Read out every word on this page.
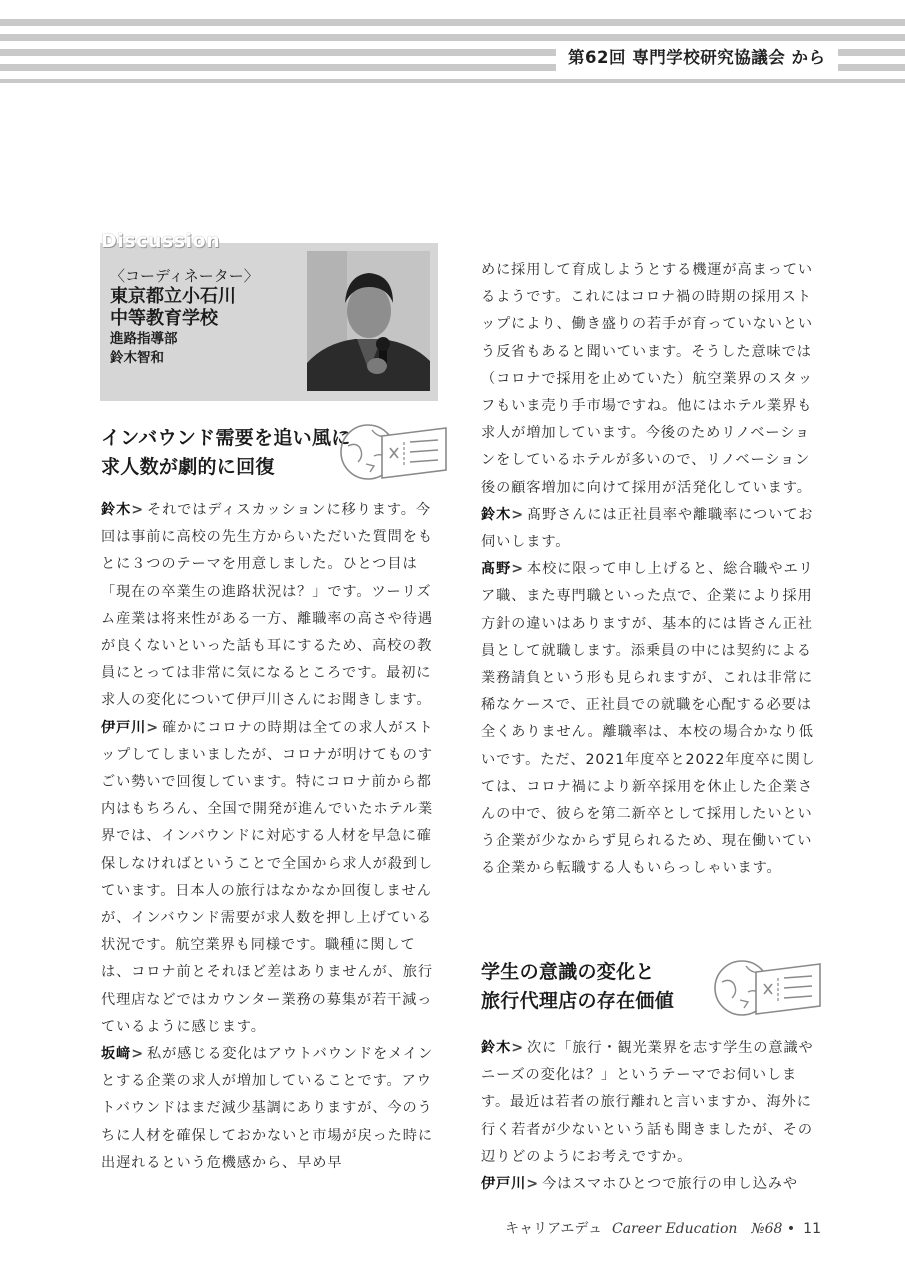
第62回 専門学校研究協議会 から
Discussion
〈コーディネーター〉
東京都立小石川
中等教育学校
進路指導部
鈴木智和
インバウンド需要を追い風に
求人数が劇的に回復

鈴木> それではディスカッションに移ります。今回は事前に高校の先生方からいただいた質問をもとに３つのテーマを用意しました。ひとつ目は「現在の卒業生の進路状況は？」です。ツーリズム産業は将来性がある一方、離職率の高さや待遇が良くないといった話も耳にするため、高校の教員にとっては非常に気になるところです。最初に求人の変化について伊戸川さんにお聞きします。

伊戸川> 確かにコロナの時期は全ての求人がストップしてしまいましたが、コロナが明けてものすごい勢いで回復しています。特にコロナ前から都内はもちろん、全国で開発が進んでいたホテル業界では、インバウンドに対応する人材を早急に確保しなければということで全国から求人が殺到しています。日本人の旅行はなかなか回復しませんが、インバウンド需要が求人数を押し上げている状況です。航空業界も同様です。職種に関しては、コロナ前とそれほど差はありませんが、旅行代理店などではカウンター業務の募集が若干減っているように感じます。

坂﨑> 私が感じる変化はアウトバウンドをメインとする企業の求人が増加していることです。アウトバウンドはまだ減少基調にありますが、今のうちに人材を確保しておかないと市場が戻った時に出遅れるという危機感から、早め早

めに採用して育成しようとする機運が高まっているようです。これにはコロナ禍の時期の採用ストップにより、働き盛りの若手が育っていないという反省もあると聞いています。そうした意味では（コロナで採用を止めていた）航空業界のスタッフもいま売り手市場ですね。他にはホテル業界も求人が増加しています。今後のためリノベーションをしているホテルが多いので、リノベーション後の顧客増加に向けて採用が活発化しています。

鈴木> 髙野さんには正社員率や離職率についてお伺いします。

髙野> 本校に限って申し上げると、総合職やエリア職、また専門職といった点で、企業により採用方針の違いはありますが、基本的には皆さん正社員として就職します。添乗員の中には契約による業務請負という形も見られますが、これは非常に稀なケースで、正社員での就職を心配する必要は全くありません。離職率は、本校の場合かなり低いです。ただ、2021年度卒と2022年度卒に関しては、コロナ禍により新卒採用を休止した企業さんの中で、彼らを第二新卒として採用したいという企業が少なからず見られるため、現在働いている企業から転職する人もいらっしゃいます。

学生の意識の変化と
旅行代理店の存在価値

鈴木> 次に「旅行・観光業界を志す学生の意識やニーズの変化は？」というテーマでお伺いします。最近は若者の旅行離れと言いますか、海外に行く若者が少ないという話も聞きましたが、その辺りどのようにお考えですか。

伊戸川> 今はスマホひとつで旅行の申し込みや

キャリアエデュ Career Education №68 • 11
